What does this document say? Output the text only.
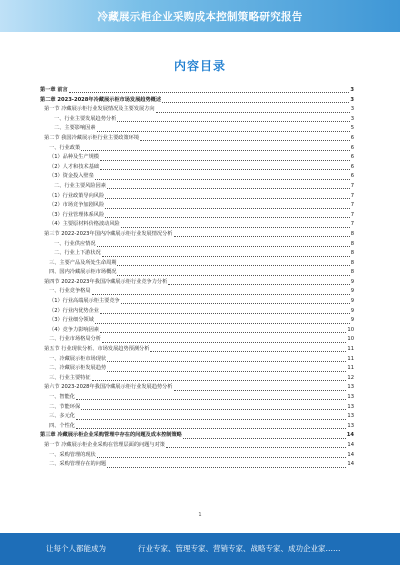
冷藏展示柜企业采购成本控制策略研究报告
内容目录
第一章 前言	3
第二章 2023-2028年冷藏展示柜市场发展趋势概述	3
第一节 冷藏展示柜行业发展情况及主要发展方向	3
一、行业主要发展趋势分析	3
二、主要影响因素	5
第二节 我国冷藏展示柜行业主要政策环境	6
一、行业政策	6
（1）品种及生产规模	6
（2）人才和技术基础	6
（3）资金投入壁垒	6
二、行业主要风险因素	7
（1）行业政策导向风险	7
（2）市场竞争加剧风险	7
（3）行业管理体系风险	7
（4）主要原材料价格波动风险	7
第三节 2022-2023年国内冷藏展示柜行业发展情况分析	8
一、行业供应情况	8
二、行业上下游状况	8
三、主要产品及所处生命周期	8
四、国内冷藏展示柜市场概况	8
第四节 2022-2023年我国冷藏展示柜行业竞争力分析	9
一、行业竞争格局	9
（1）行业高端展示柜主要竞争	9
（2）行业内优势企业	9
（3）行业细分领域	9
（4）竞争力影响因素	10
二、行业市场格局分析	10
第五节 行业现状分析、市场发展趋势预测分析	11
一、冷藏展示柜市场现状	11
二、冷藏展示柜发展趋势	11
三、行业主要特征	12
第六节 2023-2028年我国冷藏展示柜行业发展趋势分析	13
一、智能化	13
二、节能环保	13
三、多元化	13
四、个性化	13
第三章 冷藏展示柜企业采购管理中存在的问题及成本控制策略	14
第一节 冷藏展示柜企业采购在管理层面的问题与对策	14
一、采购管理的现状	14
二、采购管理存在的问题	14
1
让每个人都能成为	行业专家、管理专家、营销专家、战略专家、成功企业家……
